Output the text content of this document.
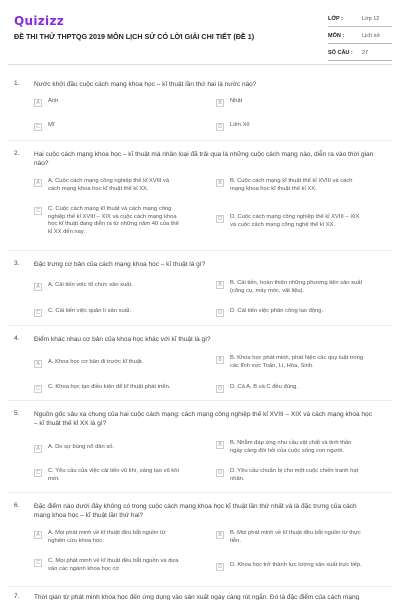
Quizizz
ĐỀ THI THỬ THPTQG 2019 MÔN LỊCH SỬ CÓ LỜI GIẢI CHI TIẾT (ĐỀ 1)
LỚP :	Lớp 12
MÔN :	Lịch sử
SỐ CÂU :	27
1. Nước khởi đầu cuộc cách mạng khoa học – kĩ thuật lần thứ hai là nước nào?
A	Anh	B	Nhật
C	Mĩ	D	Liên Xô
2. Hai cuộc cách mạng khoa học – kĩ thuật mà nhân loại đã trải qua là những cuộc cách mạng nào, diễn ra vào thời gian nào?
A	A. Cuộc cách mạng công nghiệp thế kỉ XVIII và cách mạng khoa học kĩ thuật thế kỉ XX.
B	B. Cuộc cách mạng kĩ thuật thế kỉ XVIII và cách mạng khoa học kĩ thuật thế kỉ XX.
C	C. Cuộc cách mạng kĩ thuật và cách mạng công nghiệp thế kỉ XVIII – XIX và cuộc cách mạng khoa học kĩ thuật đang diễn ra từ những năm 40 của thế kỉ XX đến nay.
D	D. Cuộc cách mạng công nghiệp thế kỉ XVIII – XIX và cuộc cách mạng công nghệ thế kỉ XX.
3. Đặc trưng cơ bản của cách mạng khoa học – kĩ thuật là gì?
A	A. Cải tiến việc tổ chức sản xuất.	B	B. Cải tiến, hoàn thiện những phương tiện sản xuất (công cụ, máy móc, vật liệu).
C	C. Cải tiến việc quản lí sản xuất.	D	D. Cải tiến việc phân công lao động.
4. Điểm khác nhau cơ bản của khoa học khác với kĩ thuật là gì?
A	A. Khoa học cơ bản đi trước kĩ thuật.	B	B. Khoa học phát minh, phát hiện các quy luật trong các lĩnh vực Toán, Lí, Hóa, Sinh.
C	C. Khoa học tạo điều kiện để kĩ thuật phát triển.	D	D. Cả A, B và C đều đúng.
5. Nguồn gốc sâu xa chung của hai cuộc cách mạng: cách mạng công nghiệp thế kỉ XVIII – XIX và cách mạng khoa học – kĩ thuật thế kỉ XX là gì?
A	A. Do sự bùng nổ dân số.	B	B. Nhằm đáp ứng nhu cầu vật chất và tinh thần ngày càng đòi hỏi của cuộc sống con người.
C	C. Yêu cầu của việc cải tiến vũ khí, sáng tạo vũ khí mới.
D	D. Yêu cầu chuẩn bị cho một cuộc chiến tranh hạt nhân.
6. Đặc điểm nào dưới đây không có trong cuộc cách mạng khoa học kĩ thuật lần thứ nhất và là đặc trưng của cách mạng khoa học – kĩ thuật lần thứ hai?
A	A. Mọi phát minh về kĩ thuật đều bắt nguồn từ nghiên cứu khoa học.
B	B. Mọi phát minh về kĩ thuật đều bắt nguồn từ thực tiễn.
C	C. Mọi phát minh về kĩ thuật đều bắt nguồn và dựa vào các ngành khoa học cơ	D	D. Khoa học trở thành lực lượng sản xuất trực tiếp.
7. Thời gian từ phát minh khoa học đến ứng dụng vào sản xuất ngày càng rút ngắn. Đó là đặc điểm của cách mạng
